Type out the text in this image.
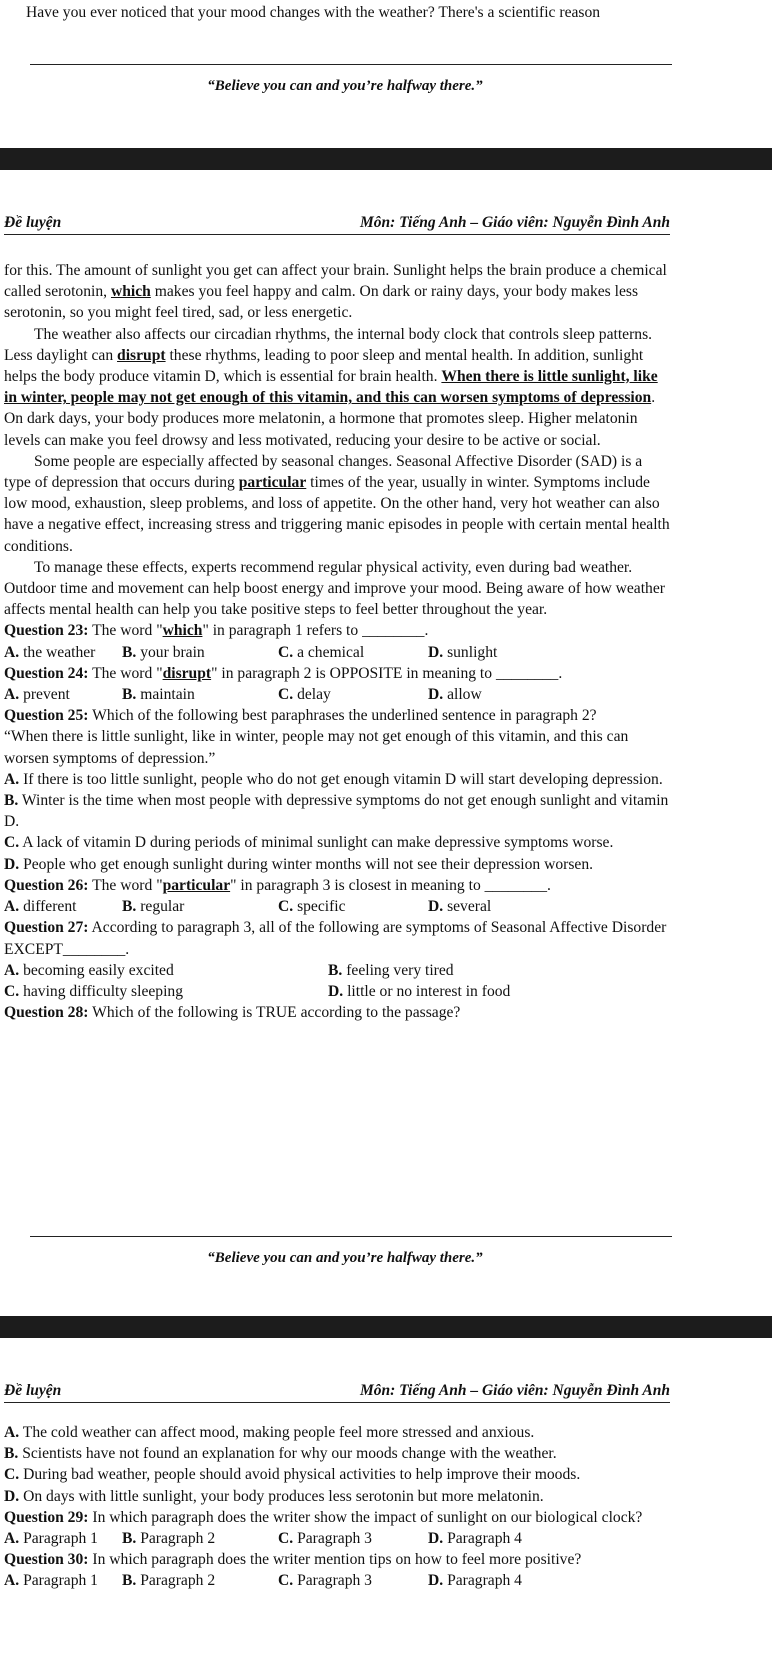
Have you ever noticed that your mood changes with the weather? There's a scientific reason
“Believe you can and you’re halfway there.”
Đề luyện	Môn: Tiếng Anh – Giáo viên: Nguyễn Đình Anh

for this. The amount of sunlight you get can affect your brain. Sunlight helps the brain produce a chemical called serotonin, which makes you feel happy and calm. On dark or rainy days, your body makes less serotonin, so you might feel tired, sad, or less energetic.

The weather also affects our circadian rhythms, the internal body clock that controls sleep patterns. Less daylight can disrupt these rhythms, leading to poor sleep and mental health. In addition, sunlight helps the body produce vitamin D, which is essential for brain health. When there is little sunlight, like in winter, people may not get enough of this vitamin, and this can worsen symptoms of depression. On dark days, your body produces more melatonin, a hormone that promotes sleep. Higher melatonin levels can make you feel drowsy and less motivated, reducing your desire to be active or social.

Some people are especially affected by seasonal changes. Seasonal Affective Disorder (SAD) is a type of depression that occurs during particular times of the year, usually in winter. Symptoms include low mood, exhaustion, sleep problems, and loss of appetite. On the other hand, very hot weather can also have a negative effect, increasing stress and triggering manic episodes in people with certain mental health conditions.

To manage these effects, experts recommend regular physical activity, even during bad weather. Outdoor time and movement can help boost energy and improve your mood. Being aware of how weather affects mental health can help you take positive steps to feel better throughout the year.

Question 23: The word "which" in paragraph 1 refers to ________.

A. the weather	B. your brain	C. a chemical	D. sunlight

Question 24: The word "disrupt" in paragraph 2 is OPPOSITE in meaning to ________.

A. prevent	B. maintain	C. delay	D. allow

Question 25: Which of the following best paraphrases the underlined sentence in paragraph 2?

“When there is little sunlight, like in winter, people may not get enough of this vitamin, and this can worsen symptoms of depression.”

A. If there is too little sunlight, people who do not get enough vitamin D will start developing depression.

B. Winter is the time when most people with depressive symptoms do not get enough sunlight and vitamin D.

C. A lack of vitamin D during periods of minimal sunlight can make depressive symptoms worse.

D. People who get enough sunlight during winter months will not see their depression worsen.

Question 26: The word "particular" in paragraph 3 is closest in meaning to ________.

A. different	B. regular	C. specific	D. several

Question 27: According to paragraph 3, all of the following are symptoms of Seasonal Affective Disorder EXCEPT________.

A. becoming easily excited	B. feeling very tired
C. having difficulty sleeping	D. little or no interest in food

Question 28: Which of the following is TRUE according to the passage?

“Believe you can and you’re halfway there.”
Đề luyện	Môn: Tiếng Anh – Giáo viên: Nguyễn Đình Anh

A. The cold weather can affect mood, making people feel more stressed and anxious.

B. Scientists have not found an explanation for why our moods change with the weather.

C. During bad weather, people should avoid physical activities to help improve their moods.

D. On days with little sunlight, your body produces less serotonin but more melatonin.

Question 29: In which paragraph does the writer show the impact of sunlight on our biological clock?

A. Paragraph 1	B. Paragraph 2	C. Paragraph 3	D. Paragraph 4

Question 30: In which paragraph does the writer mention tips on how to feel more positive?

A. Paragraph 1	B. Paragraph 2	C. Paragraph 3	D. Paragraph 4
